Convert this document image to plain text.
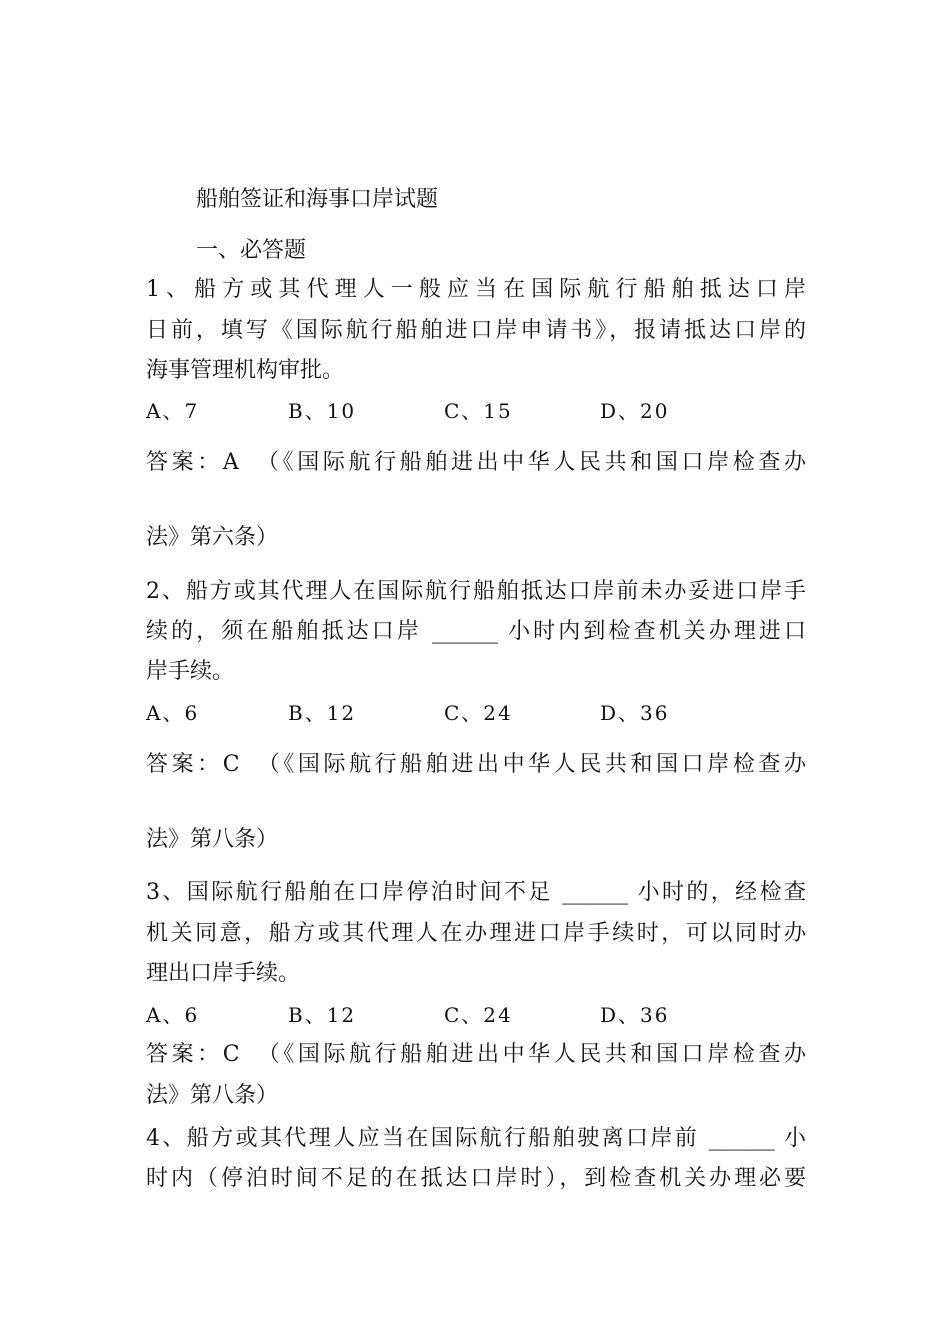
船舶签证和海事口岸试题
一、必答题
1、船方或其代理人一般应当在国际航行船舶抵达口岸
日前，填写《国际航行船舶进口岸申请书》，报请抵达口岸的
海事管理机构审批。
A、7	B、10	C、15	D、20
答案：A　（《国际航行船舶进出中华人民共和国口岸检查办
法》第六条）
2、船方或其代理人在国际航行船舶抵达口岸前未办妥进口岸手
续的，须在船舶抵达口岸 ______ 小时内到检查机关办理进口
岸手续。
A、6	B、12	C、24	D、36
答案：C　（《国际航行船舶进出中华人民共和国口岸检查办
法》第八条）
3、国际航行船舶在口岸停泊时间不足 ______ 小时的，经检查
机关同意，船方或其代理人在办理进口岸手续时，可以同时办
理出口岸手续。
A、6	B、12	C、24	D、36
答案：C　（《国际航行船舶进出中华人民共和国口岸检查办
法》第八条）
4、船方或其代理人应当在国际航行船舶驶离口岸前 ______ 小
时内（停泊时间不足的在抵达口岸时），到检查机关办理必要
